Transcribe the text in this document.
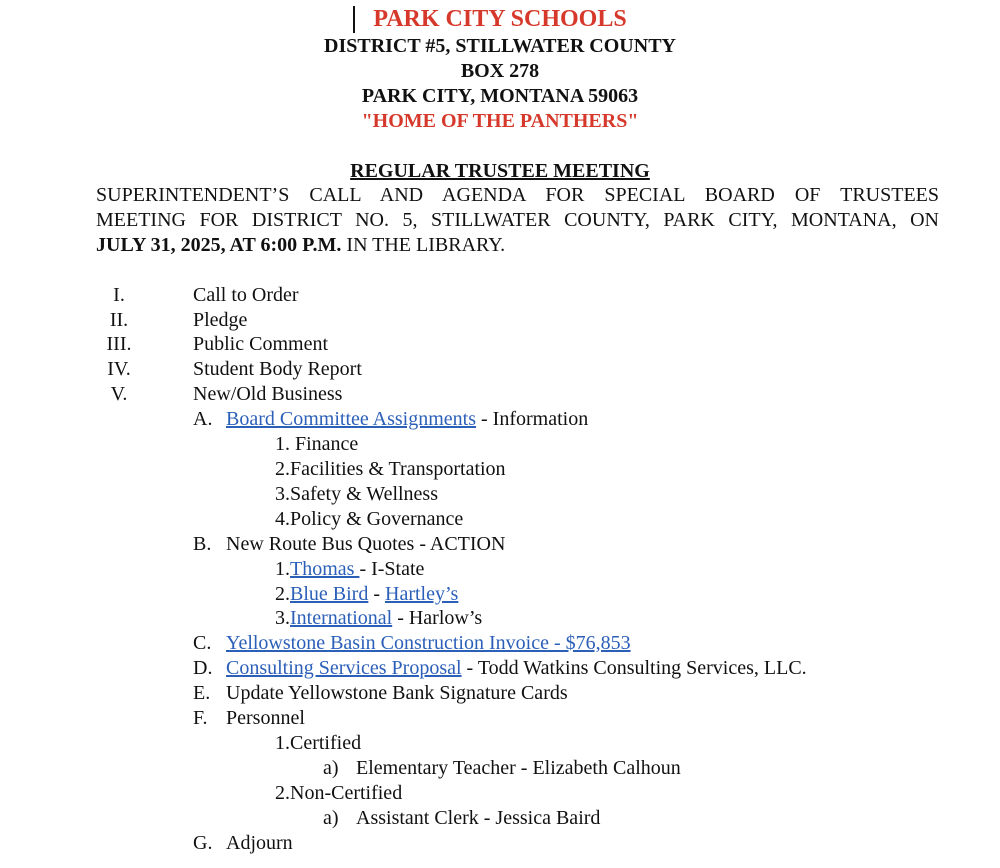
PARK CITY SCHOOLS
DISTRICT #5, STILLWATER COUNTY
BOX 278
PARK CITY, MONTANA 59063
"HOME OF THE PANTHERS"
REGULAR TRUSTEE MEETING
SUPERINTENDENT’S CALL AND AGENDA FOR SPECIAL BOARD OF TRUSTEES
MEETING FOR DISTRICT NO. 5, STILLWATER COUNTY, PARK CITY, MONTANA, ON
JULY 31, 2025, AT 6:00 P.M. IN THE LIBRARY.
I.	Call to Order
II.	Pledge
III.	Public Comment
IV.	Student Body Report
V.	New/Old Business
A. Board Committee Assignments - Information
1. Finance
2.Facilities & Transportation
3.Safety & Wellness
4.Policy & Governance
B. New Route Bus Quotes - ACTION
1.Thomas - I-State
2.Blue Bird - Hartley’s
3.International - Harlow’s
C. Yellowstone Basin Construction Invoice - $76,853
D. Consulting Services Proposal - Todd Watkins Consulting Services, LLC.
E. Update Yellowstone Bank Signature Cards
F. Personnel
1.Certified
a) Elementary Teacher - Elizabeth Calhoun
2.Non-Certified
a) Assistant Clerk - Jessica Baird
G. Adjourn
